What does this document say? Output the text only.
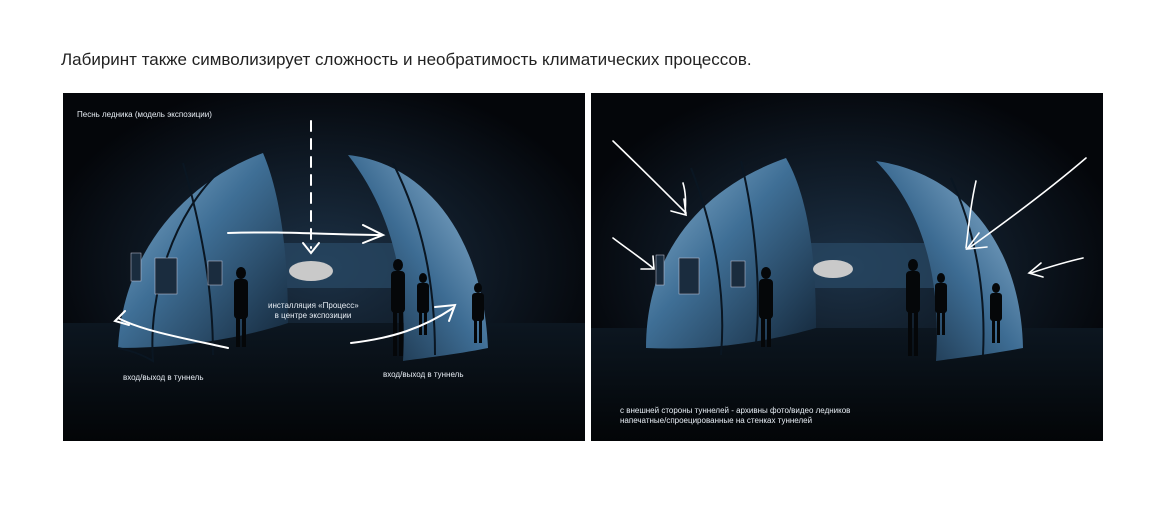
Лабиринт также символизирует сложность и необратимость климатических процессов.
Песнь ледника (модель экспозиции)
инсталляция «Процесс»
в центре экспозиции
вход/выход в туннель	вход/выход в туннель
с внешней стороны туннелей - архивны фото/видео ледников
напечатные/спроецированные на стенках туннелей
